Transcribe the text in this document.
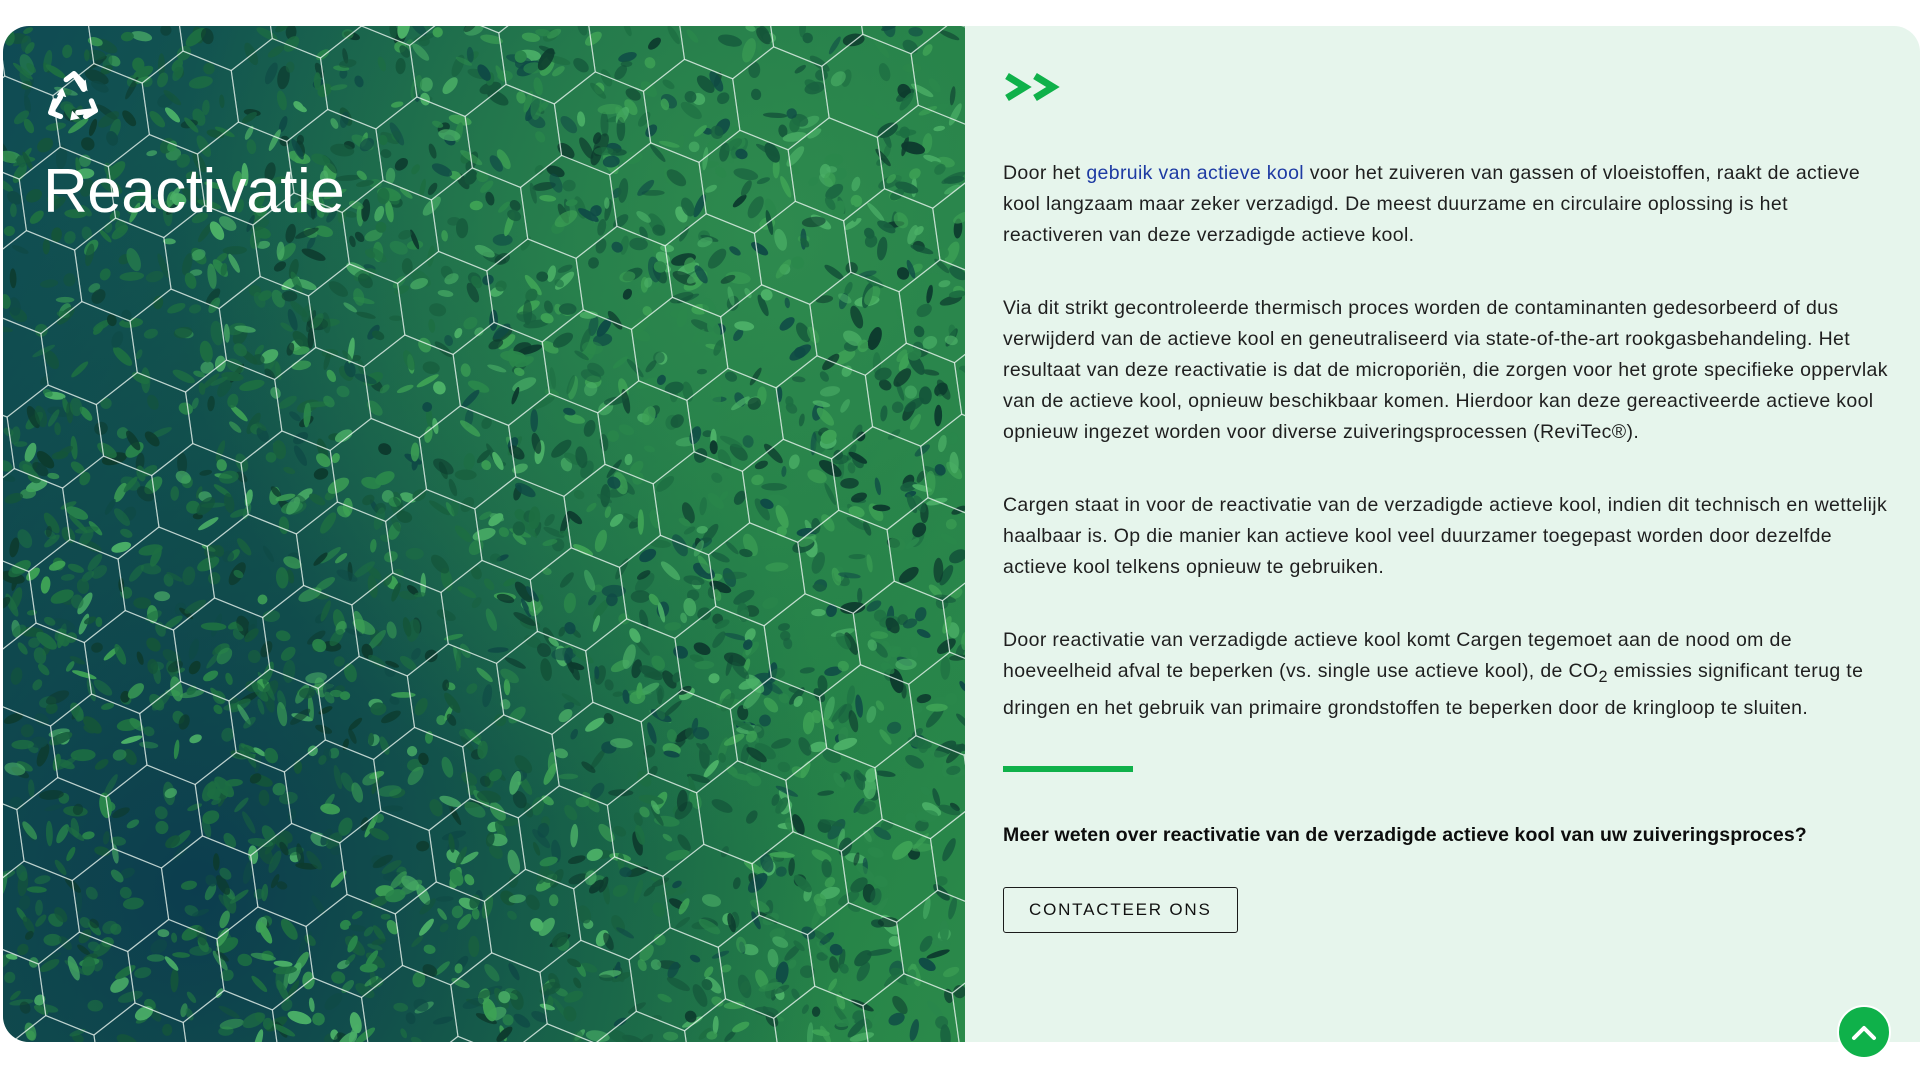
Reactivatie	Door het gebruik van actieve kool voor het zuiveren van gassen of vloeistoffen, raakt de actieve kool langzaam maar zeker verzadigd. De meest duurzame en circulaire oplossing is het reactiveren van deze verzadigde actieve kool.

Via dit strikt gecontroleerde thermisch proces worden de contaminanten gedesorbeerd of dus verwijderd van de actieve kool en geneutraliseerd via state-of-the-art rookgasbehandeling. Het resultaat van deze reactivatie is dat de microporiën, die zorgen voor het grote specifieke oppervlak van de actieve kool, opnieuw beschikbaar komen. Hierdoor kan deze gereactiveerde actieve kool opnieuw ingezet worden voor diverse zuiveringsprocessen (ReviTec®).

Cargen staat in voor de reactivatie van de verzadigde actieve kool, indien dit technisch en wettelijk haalbaar is. Op die manier kan actieve kool veel duurzamer toegepast worden door dezelfde actieve kool telkens opnieuw te gebruiken.

Door reactivatie van verzadigde actieve kool komt Cargen tegemoet aan de nood om de hoeveelheid afval te beperken (vs. single use actieve kool), de $CO_2$ emissies significant terug te dringen en het gebruik van primaire grondstoffen te beperken door de kringloop te sluiten.

Meer weten over reactivatie van de verzadigde actieve kool van uw zuiveringsproces?
CONTACTEER ONS
